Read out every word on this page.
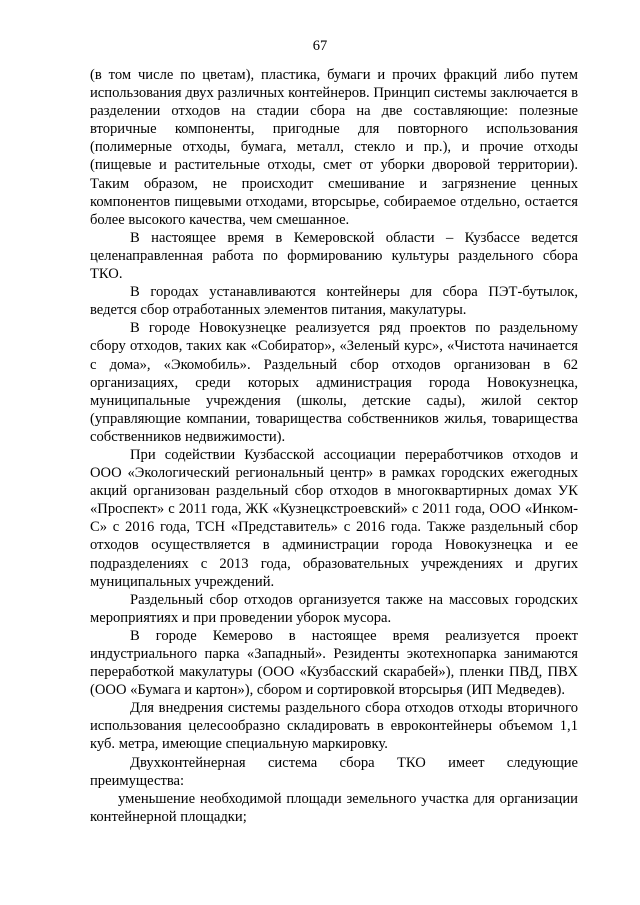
67

(в том числе по цветам), пластика, бумаги и прочих фракций либо путем использования двух различных контейнеров. Принцип системы заключается в разделении отходов на стадии сбора на две составляющие: полезные вторичные компоненты, пригодные для повторного использования (полимерные отходы, бумага, металл, стекло и пр.), и прочие отходы (пищевые и растительные отходы, смет от уборки дворовой территории). Таким образом, не происходит смешивание и загрязнение ценных компонентов пищевыми отходами, вторсырье, собираемое отдельно, остается более высокого качества, чем смешанное.

В настоящее время в Кемеровской области – Кузбассе ведется целенаправленная работа по формированию культуры раздельного сбора ТКО.

В городах устанавливаются контейнеры для сбора ПЭТ-бутылок, ведется сбор отработанных элементов питания, макулатуры.

В городе Новокузнецке реализуется ряд проектов по раздельному сбору отходов, таких как «Собиратор», «Зеленый курс», «Чистота начинается с дома», «Экомобиль». Раздельный сбор отходов организован в 62 организациях, среди которых администрация города Новокузнецка, муниципальные учреждения (школы, детские сады), жилой сектор (управляющие компании, товарищества собственников жилья, товарищества собственников недвижимости).

При содействии Кузбасской ассоциации переработчиков отходов и ООО «Экологический региональный центр» в рамках городских ежегодных акций организован раздельный сбор отходов в многоквартирных домах УК «Проспект» с 2011 года, ЖК «Кузнецкстроевский» с 2011 года, ООО «Инком-С» с 2016 года, ТСН «Представитель» с 2016 года. Также раздельный сбор отходов осуществляется в администрации города Новокузнецка и ее подразделениях с 2013 года, образовательных учреждениях и других муниципальных учреждений.

Раздельный сбор отходов организуется также на массовых городских мероприятиях и при проведении уборок мусора.

В городе Кемерово в настоящее время реализуется проект индустриального парка «Западный». Резиденты экотехнопарка занимаются переработкой макулатуры (ООО «Кузбасский скарабей»), пленки ПВД, ПВХ (ООО «Бумага и картон»), сбором и сортировкой вторсырья (ИП Медведев).

Для внедрения системы раздельного сбора отходов отходы вторичного использования целесообразно складировать в евроконтейнеры объемом 1,1 куб. метра, имеющие специальную маркировку.

Двухконтейнерная система сбора ТКО имеет следующие преимущества:

уменьшение необходимой площади земельного участка для организации контейнерной площадки;
